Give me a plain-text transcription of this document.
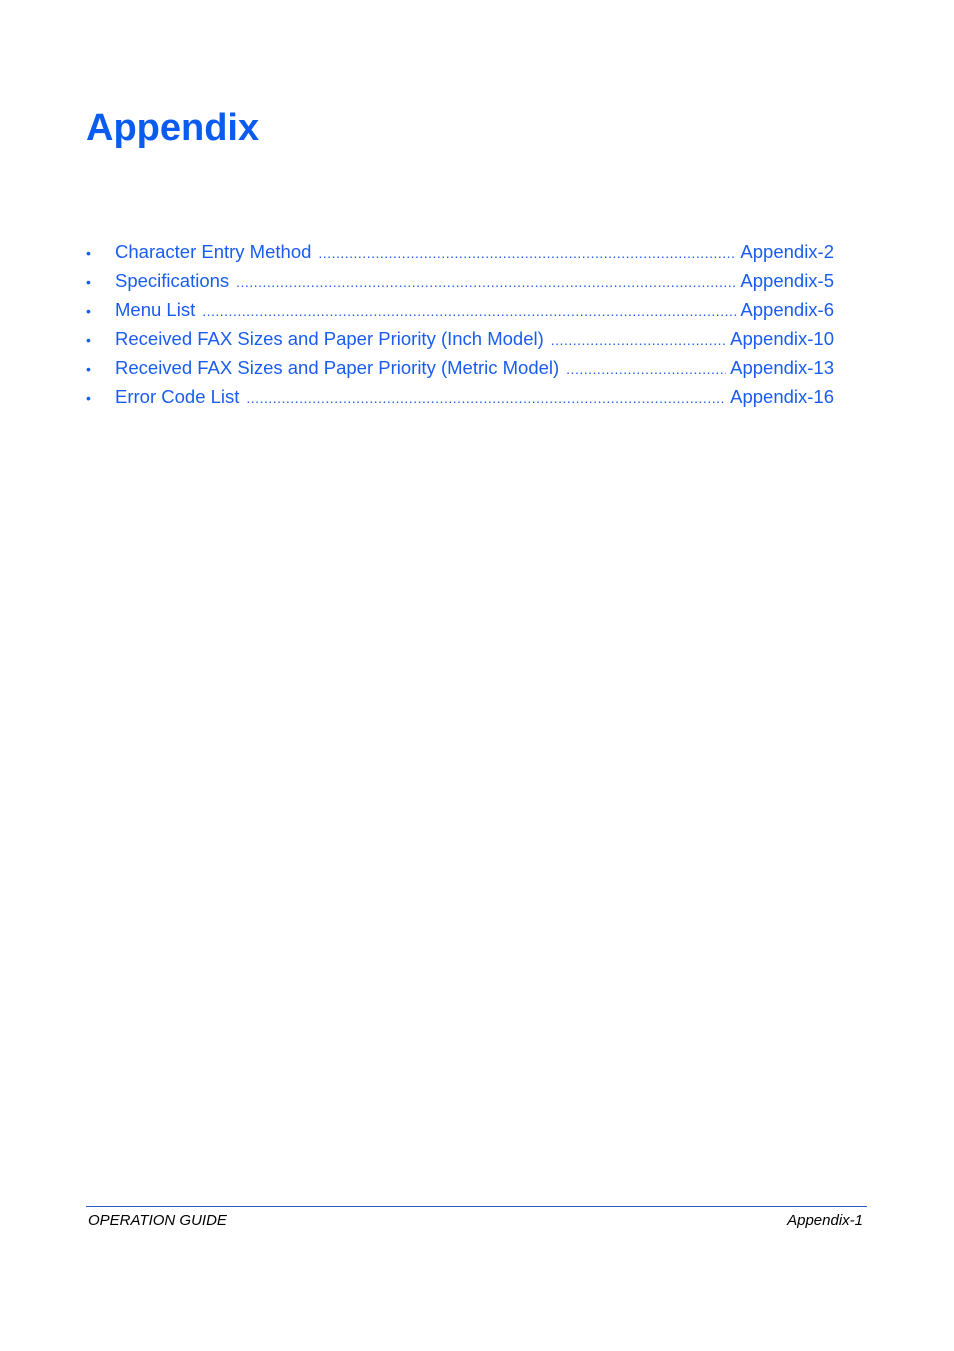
Appendix
•	Character Entry Method .....	Appendix-2
•	Specifications .....	Appendix-5
•	Menu List .....	Appendix-6
•	Received FAX Sizes and Paper Priority (Inch Model) .....	Appendix-10
•	Received FAX Sizes and Paper Priority (Metric Model) .....	Appendix-13
•	Error Code List .....	Appendix-16
OPERATION GUIDE	Appendix-1
